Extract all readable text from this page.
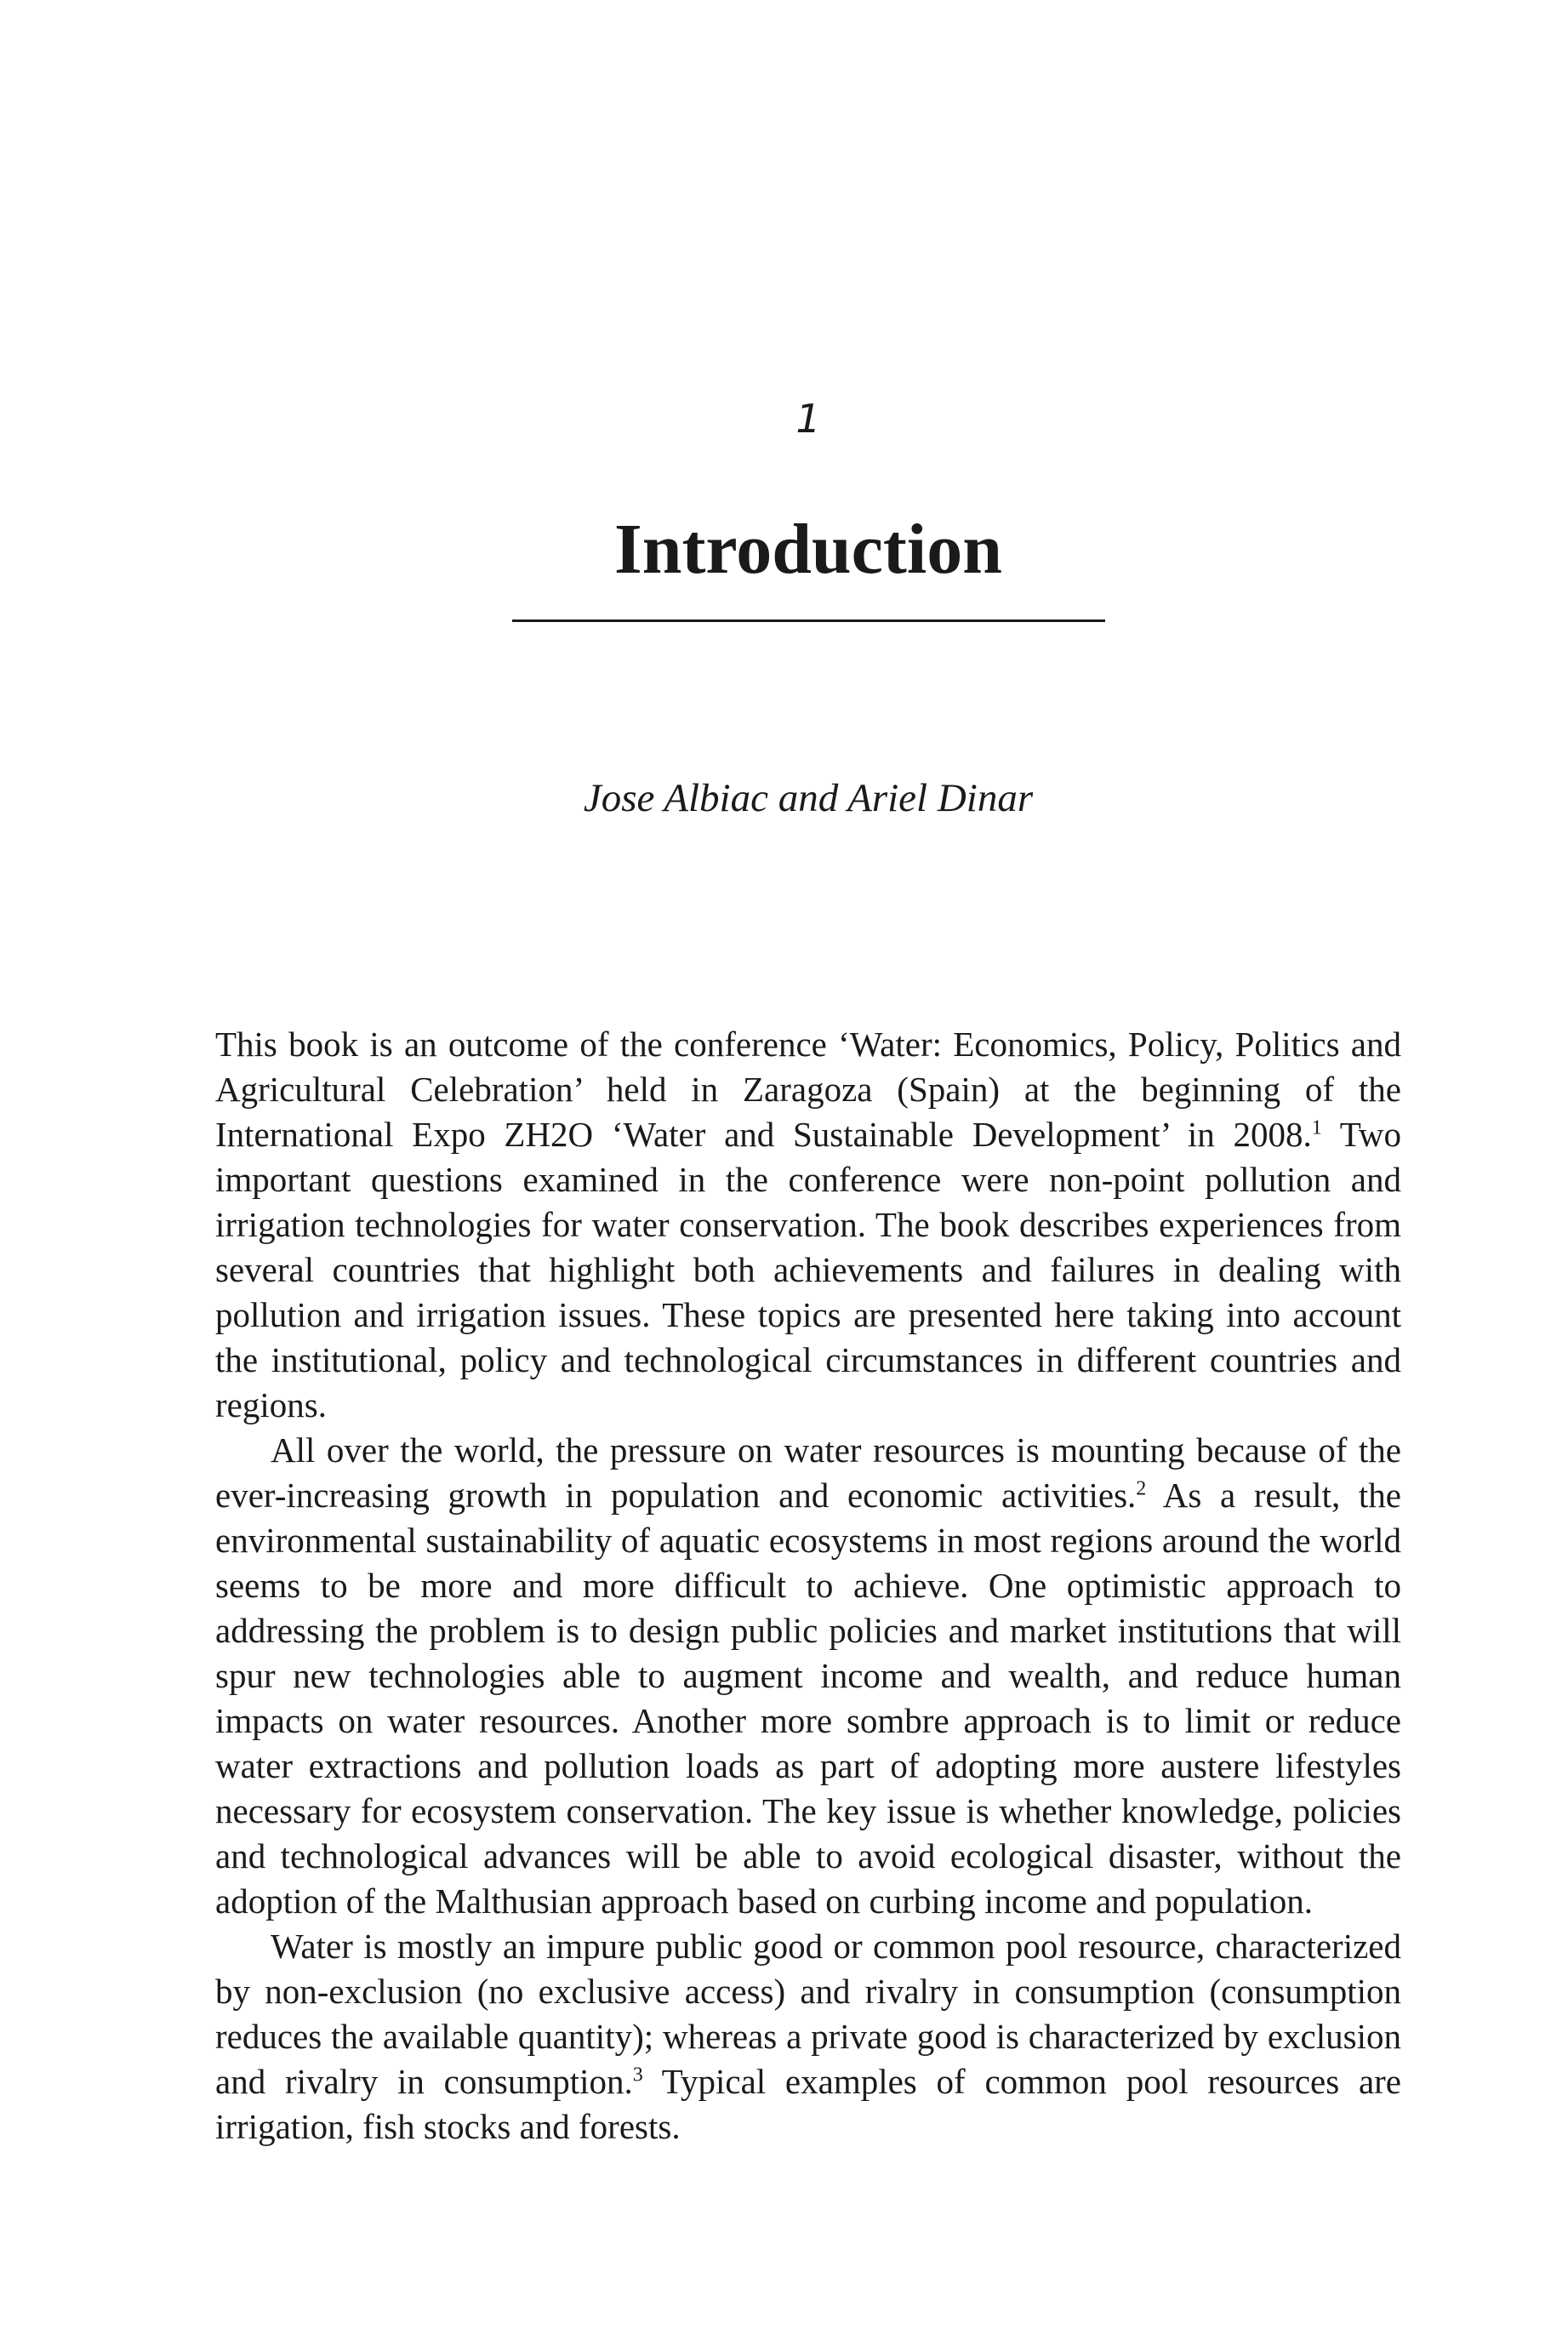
1
Introduction
Jose Albiac and Ariel Dinar

This book is an outcome of the conference ‘Water: Economics, Policy, Politics and Agricultural Celebration’ held in Zaragoza (Spain) at the beginning of the International Expo ZH2O ‘Water and Sustainable Development’ in 2008.$^1$ Two important questions examined in the conference were non-point pollution and irrigation technologies for water conservation. The book describes experiences from several countries that highlight both achievements and failures in dealing with pollution and irrigation issues. These topics are presented here taking into account the institutional, policy and technological circumstances in different countries and regions.

All over the world, the pressure on water resources is mounting because of the ever-increasing growth in population and economic activities.$^2$ As a result, the environmental sustainability of aquatic ecosystems in most regions around the world seems to be more and more difficult to achieve. One optimistic approach to addressing the problem is to design public policies and market institutions that will spur new technologies able to augment income and wealth, and reduce human impacts on water resources. Another more sombre approach is to limit or reduce water extractions and pollution loads as part of adopting more austere lifestyles necessary for ecosystem conservation. The key issue is whether knowledge, policies and technological advances will be able to avoid ecological disaster, without the adoption of the Malthusian approach based on curbing income and population.

Water is mostly an impure public good or common pool resource, characterized by non-exclusion (no exclusive access) and rivalry in consumption (consumption reduces the available quantity); whereas a private good is characterized by exclusion and rivalry in consumption.$^3$ Typical examples of common pool resources are irrigation, fish stocks and forests.
